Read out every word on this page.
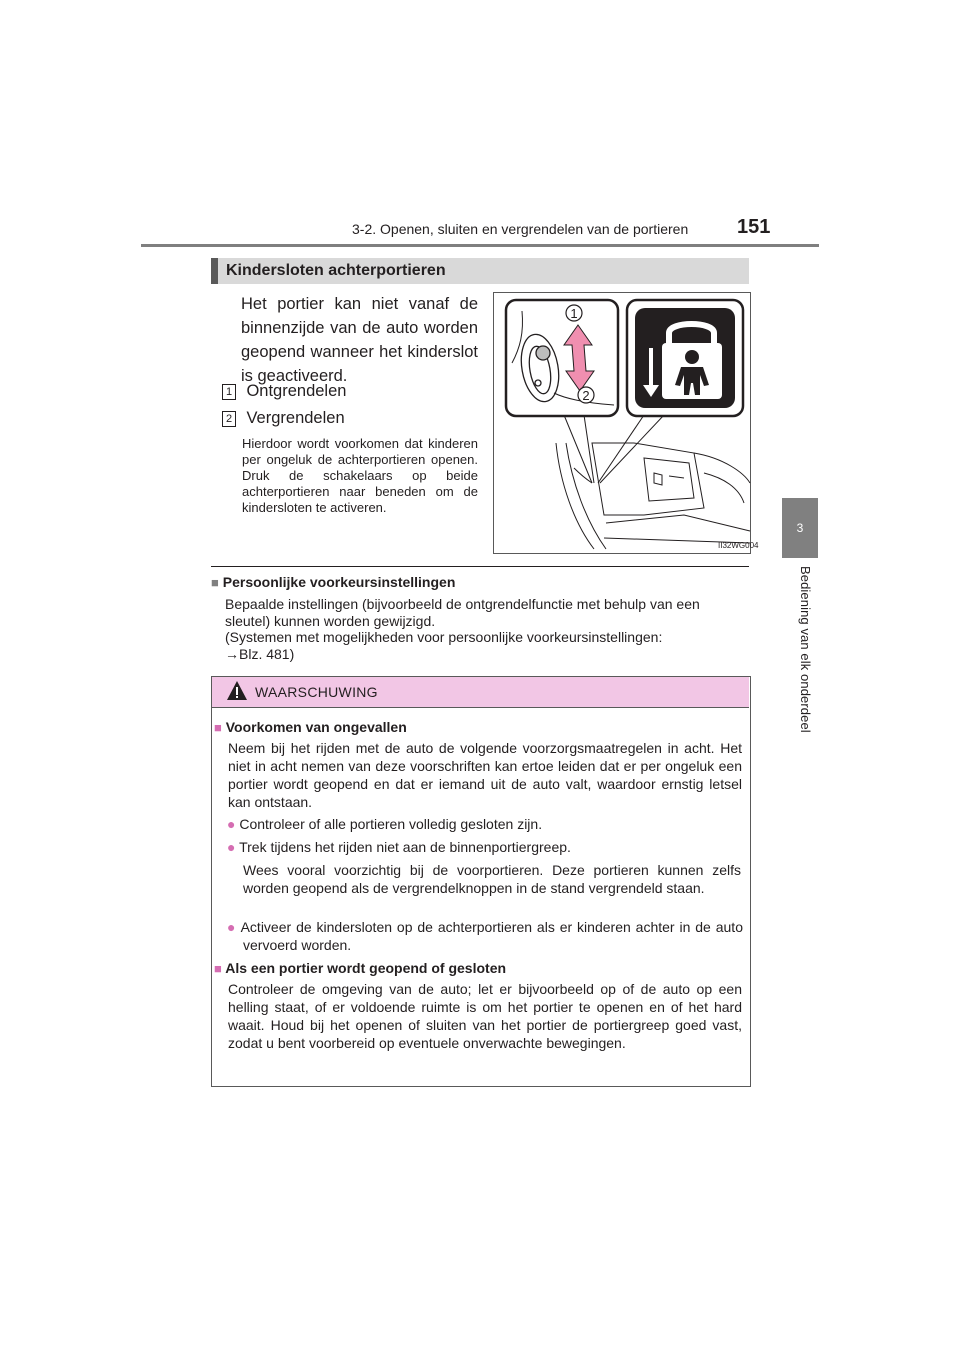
3-2. Openen, sluiten en vergrendelen van de portieren 151
3
Bediening van elk onderdeel
Kindersloten achterportieren
Het portier kan niet vanaf de binnenzijde van de auto worden geopend wanneer het kinderslot is geactiveerd.
1 Ontgrendelen
2 Vergrendelen
Hierdoor wordt voorkomen dat kinderen per ongeluk de achterportieren openen. Druk de schakelaars op beide achterportieren naar beneden om de kindersloten te activeren.
1
2
II32WG004
■ Persoonlijke voorkeursinstellingen
Bepaalde instellingen (bijvoorbeeld de ontgrendelfunctie met behulp van een
sleutel) kunnen worden gewijzigd.
(Systemen met mogelijkheden voor persoonlijke voorkeursinstellingen:
→Blz. 481)
WAARSCHUWING
■ Voorkomen van ongevallen
Neem bij het rijden met de auto de volgende voorzorgsmaatregelen in acht. Het niet in acht nemen van deze voorschriften kan ertoe leiden dat er per ongeluk een portier wordt geopend en dat er iemand uit de auto valt, waardoor ernstig letsel kan ontstaan.
● Controleer of alle portieren volledig gesloten zijn.
● Trek tijdens het rijden niet aan de binnenportiergreep.
Wees vooral voorzichtig bij de voorportieren. Deze portieren kunnen zelfs worden geopend als de vergrendelknoppen in de stand vergrendeld staan.
● Activeer de kindersloten op de achterportieren als er kinderen achter in de auto vervoerd worden.
■ Als een portier wordt geopend of gesloten
Controleer de omgeving van de auto; let er bijvoorbeeld op of de auto op een helling staat, of er voldoende ruimte is om het portier te openen en of het hard waait. Houd bij het openen of sluiten van het portier de portiergreep goed vast, zodat u bent voorbereid op eventuele onverwachte bewegingen.
